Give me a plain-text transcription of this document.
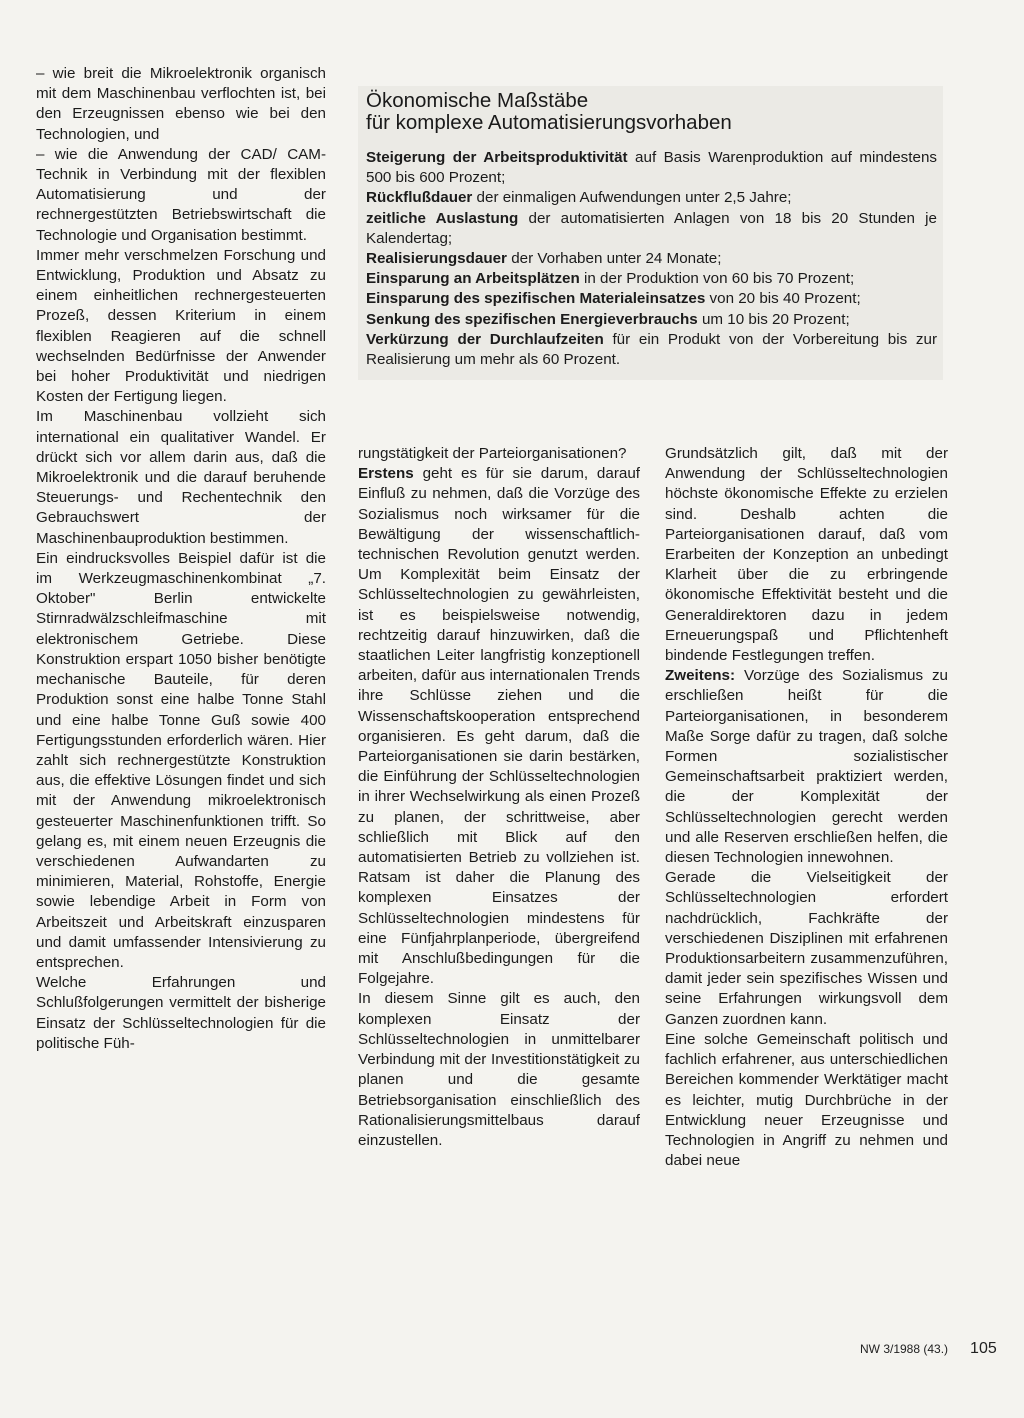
– wie breit die Mikroelektronik organisch mit dem Maschinenbau verflochten ist, bei den Erzeugnissen ebenso wie bei den Technologien, und

– wie die Anwendung der CAD/ CAM-Technik in Verbindung mit der flexiblen Automatisierung und der rechnergestützten Betriebswirtschaft die Technologie und Organisation bestimmt.

Immer mehr verschmelzen Forschung und Entwicklung, Produktion und Absatz zu einem einheitlichen rechnergesteuerten Prozeß, dessen Kriterium in einem flexiblen Reagieren auf die schnell wechselnden Bedürfnisse der Anwender bei hoher Produktivität und niedrigen Kosten der Fertigung liegen.

Im Maschinenbau vollzieht sich international ein qualitativer Wandel. Er drückt sich vor allem darin aus, daß die Mikroelektronik und die darauf beruhende Steuerungs- und Rechentechnik den Gebrauchswert der Maschinenbauproduktion bestimmen.

Ein eindrucksvolles Beispiel dafür ist die im Werkzeugmaschinenkombinat „7. Oktober" Berlin entwickelte Stirnradwälzschleifmaschine mit elektronischem Getriebe. Diese Konstruktion erspart 1050 bisher benötigte mechanische Bauteile, für deren Produktion sonst eine halbe Tonne Stahl und eine halbe Tonne Guß sowie 400 Fertigungsstunden erforderlich wären. Hier zahlt sich rechnergestützte Konstruktion aus, die effektive Lösungen findet und sich mit der Anwendung mikroelektronisch gesteuerter Maschinenfunktionen trifft. So gelang es, mit einem neuen Erzeugnis die verschiedenen Aufwandarten zu minimieren, Material, Rohstoffe, Energie sowie lebendige Arbeit in Form von Arbeitszeit und Arbeitskraft einzusparen und damit umfassender Intensivierung zu entsprechen.

Welche Erfahrungen und Schlußfolgerungen vermittelt der bisherige Einsatz der Schlüsseltechnologien für die politische Füh-

Ökonomische Maßstäbe
für komplexe Automatisierungsvorhaben

Steigerung der Arbeitsproduktivität auf Basis Warenproduktion auf mindestens 500 bis 600 Prozent;

Rückflußdauer der einmaligen Aufwendungen unter 2,5 Jahre;

zeitliche Auslastung der automatisierten Anlagen von 18 bis 20 Stunden je Kalendertag;

Realisierungsdauer der Vorhaben unter 24 Monate;

Einsparung an Arbeitsplätzen in der Produktion von 60 bis 70 Prozent;

Einsparung des spezifischen Materialeinsatzes von 20 bis 40 Prozent;

Senkung des spezifischen Energieverbrauchs um 10 bis 20 Prozent;

Verkürzung der Durchlaufzeiten für ein Produkt von der Vorbereitung bis zur Realisierung um mehr als 60 Prozent.

rungstätigkeit der Parteiorganisationen?

Erstens geht es für sie darum, darauf Einfluß zu nehmen, daß die Vorzüge des Sozialismus noch wirksamer für die Bewältigung der wissenschaftlich-technischen Revolution genutzt werden. Um Komplexität beim Einsatz der Schlüsseltechnologien zu gewährleisten, ist es beispielsweise notwendig, rechtzeitig darauf hinzuwirken, daß die staatlichen Leiter langfristig konzeptionell arbeiten, dafür aus internationalen Trends ihre Schlüsse ziehen und die Wissenschaftskooperation entsprechend organisieren. Es geht darum, daß die Parteiorganisationen sie darin bestärken, die Einführung der Schlüsseltechnologien in ihrer Wechselwirkung als einen Prozeß zu planen, der schrittweise, aber schließlich mit Blick auf den automatisierten Betrieb zu vollziehen ist. Ratsam ist daher die Planung des komplexen Einsatzes der Schlüsseltechnologien mindestens für eine Fünfjahrplanperiode, übergreifend mit Anschlußbedingungen für die Folgejahre.

In diesem Sinne gilt es auch, den komplexen Einsatz der Schlüsseltechnologien in unmittelbarer Verbindung mit der Investitionstätigkeit zu planen und die gesamte Betriebsorganisation einschließlich des Rationalisierungsmittelbaus darauf einzustellen.

Grundsätzlich gilt, daß mit der Anwendung der Schlüsseltechnologien höchste ökonomische Effekte zu erzielen sind. Deshalb achten die Parteiorganisationen darauf, daß vom Erarbeiten der Konzeption an unbedingt Klarheit über die zu erbringende ökonomische Effektivität besteht und die Generaldirektoren dazu in jedem Erneuerungspaß und Pflichtenheft bindende Festlegungen treffen.

Zweitens: Vorzüge des Sozialismus zu erschließen heißt für die Parteiorganisationen, in besonderem Maße Sorge dafür zu tragen, daß solche Formen sozialistischer Gemeinschaftsarbeit praktiziert werden, die der Komplexität der Schlüsseltechnologien gerecht werden und alle Reserven erschließen helfen, die diesen Technologien innewohnen.

Gerade die Vielseitigkeit der Schlüsseltechnologien erfordert nachdrücklich, Fachkräfte der verschiedenen Disziplinen mit erfahrenen Produktionsarbeitern zusammenzuführen, damit jeder sein spezifisches Wissen und seine Erfahrungen wirkungsvoll dem Ganzen zuordnen kann.

Eine solche Gemeinschaft politisch und fachlich erfahrener, aus unterschiedlichen Bereichen kommender Werktätiger macht es leichter, mutig Durchbrüche in der Entwicklung neuer Erzeugnisse und Technologien in Angriff zu nehmen und dabei neue

NW 3/1988 (43.) 105
